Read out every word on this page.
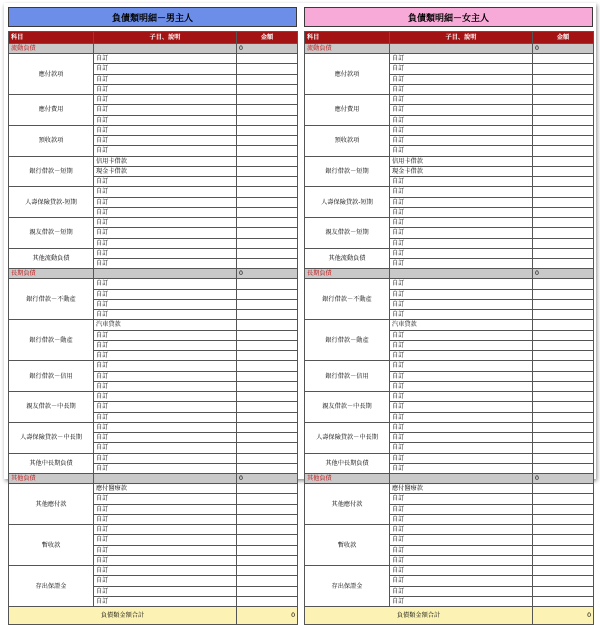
負債類明細－男主人
科目	子目、說明	金額
流動負債		0
應付款項	自訂	
	自訂	
	自訂	
	自訂	
應付費用	自訂	
	自訂	
	自訂	
預收款項	自訂	
	自訂	
	自訂	
銀行借款－短期	信用卡借款	
	現金卡借款	
	自訂	
人壽保險貸款-短期	自訂	
	自訂	
	自訂	
親友借款－短期	自訂	
	自訂	
	自訂	
其他流動負債	自訂	
	自訂	
長期負債		0
銀行借款－不動產	自訂	
	自訂	
	自訂	
	自訂	
銀行借款－動產	汽車貸款	
	自訂	
	自訂	
	自訂	
銀行借款－信用	自訂	
	自訂	
	自訂	
親友借款－中長期	自訂	
	自訂	
	自訂	
人壽保險貸款－中長期	自訂	
	自訂	
	自訂	
其他中長期負債	自訂	
	自訂	
其他負債		0
其他應付款	應付醫療款	
	自訂	
	自訂	
	自訂	
暫收款	自訂	
	自訂	
	自訂	
	自訂	
存出保證金	自訂	
	自訂	
	自訂	
	自訂	
負債類金額合計		0
負債類明細－女主人
科目	子目、說明	金額
流動負債		0
應付款項	自訂	
	自訂	
	自訂	
	自訂	
應付費用	自訂	
	自訂	
	自訂	
預收款項	自訂	
	自訂	
	自訂	
銀行借款－短期	信用卡借款	
	現金卡借款	
	自訂	
人壽保險貸款-短期	自訂	
	自訂	
	自訂	
親友借款－短期	自訂	
	自訂	
	自訂	
其他流動負債	自訂	
	自訂	
長期負債		0
銀行借款－不動產	自訂	
	自訂	
	自訂	
	自訂	
銀行借款－動產	汽車貸款	
	自訂	
	自訂	
	自訂	
銀行借款－信用	自訂	
	自訂	
	自訂	
親友借款－中長期	自訂	
	自訂	
	自訂	
人壽保險貸款－中長期	自訂	
	自訂	
	自訂	
其他中長期負債	自訂	
	自訂	
其他負債		0
其他應付款	應付醫療款	
	自訂	
	自訂	
	自訂	
暫收款	自訂	
	自訂	
	自訂	
	自訂	
存出保證金	自訂	
	自訂	
	自訂	
	自訂	
負債類金額合計		0
